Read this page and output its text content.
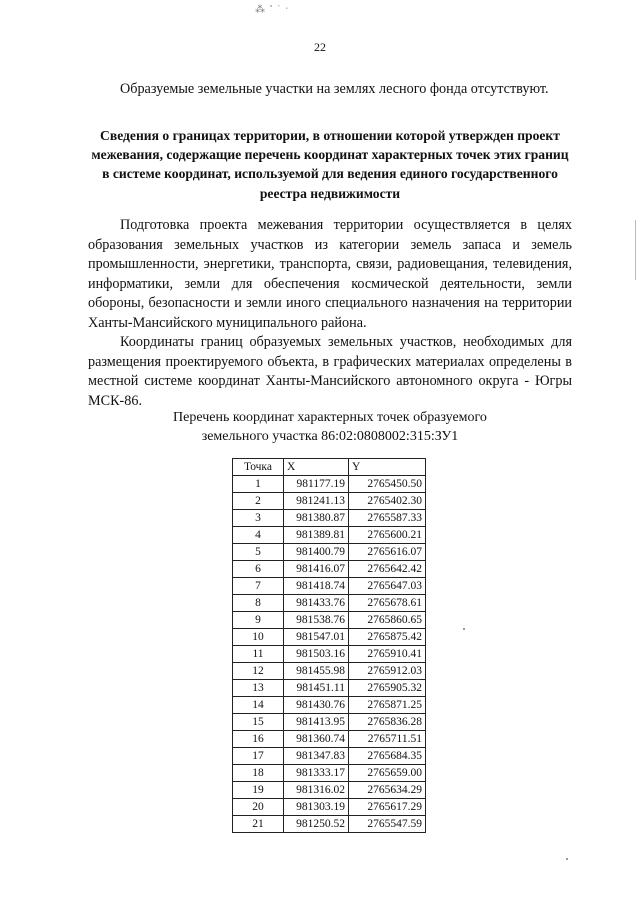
⁂ ˚ ˙ ·
22

Образуемые земельные участки на землях лесного фонда отсутствуют.

Сведения о границах территории, в отношении которой утвержден проект межевания, содержащие перечень координат характерных точек этих границ в системе координат, используемой для ведения единого государственного реестра недвижимости

Подготовка проекта межевания территории осуществляется в целях образования земельных участков из категории земель запаса и земель промышленности, энергетики, транспорта, связи, радиовещания, телевидения, информатики, земли для обеспечения космической деятельности, земли обороны, безопасности и земли иного специального назначения на территории Ханты-Мансийского муниципального района.

Координаты границ образуемых земельных участков, необходимых для размещения проектируемого объекта, в графических материалах определены в местной системе координат Ханты-Мансийского автономного округа - Югры МСК-86.

Перечень координат характерных точек образуемого
земельного участка 86:02:0808002:315:ЗУ1
Точка	X	Y
1	981177.19	2765450.50
2	981241.13	2765402.30
3	981380.87	2765587.33
4	981389.81	2765600.21
5	981400.79	2765616.07
6	981416.07	2765642.42
7	981418.74	2765647.03
8	981433.76	2765678.61
9	981538.76	2765860.65
10	981547.01	2765875.42
11	981503.16	2765910.41
12	981455.98	2765912.03
13	981451.11	2765905.32
14	981430.76	2765871.25
15	981413.95	2765836.28
16	981360.74	2765711.51
17	981347.83	2765684.35
18	981333.17	2765659.00
19	981316.02	2765634.29
20	981303.19	2765617.29
21	981250.52	2765547.59
